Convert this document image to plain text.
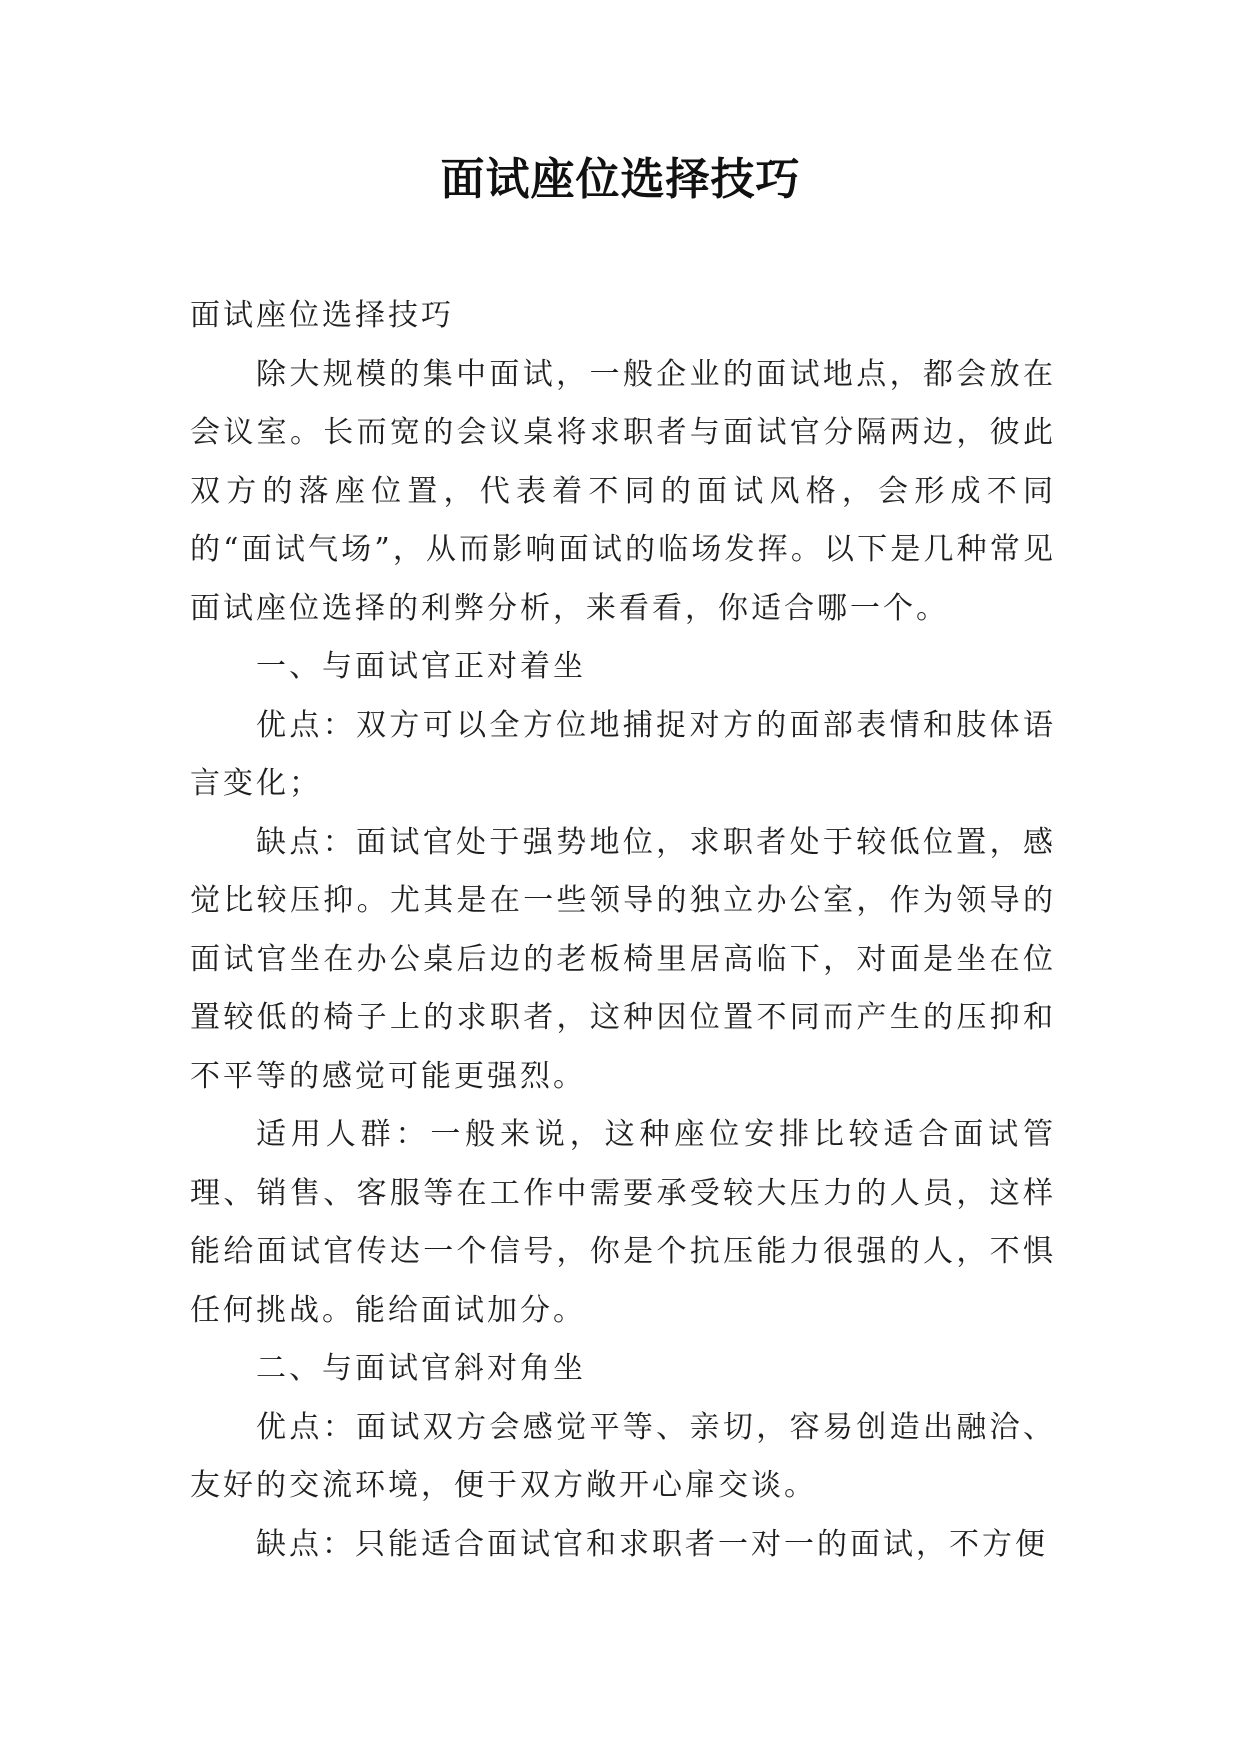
面试座位选择技巧

面试座位选择技巧

除大规模的集中面试，一般企业的面试地点，都会放在会议室。长而宽的会议桌将求职者与面试官分隔两边，彼此双方的落座位置，代表着不同的面试风格，会形成不同的“面试气场”，从而影响面试的临场发挥。以下是几种常见面试座位选择的利弊分析，来看看，你适合哪一个。

一、与面试官正对着坐

优点：双方可以全方位地捕捉对方的面部表情和肢体语言变化；

缺点：面试官处于强势地位，求职者处于较低位置，感觉比较压抑。尤其是在一些领导的独立办公室，作为领导的面试官坐在办公桌后边的老板椅里居高临下，对面是坐在位置较低的椅子上的求职者，这种因位置不同而产生的压抑和不平等的感觉可能更强烈。

适用人群：一般来说，这种座位安排比较适合面试管理、销售、客服等在工作中需要承受较大压力的人员，这样能给面试官传达一个信号，你是个抗压能力很强的人，不惧任何挑战。能给面试加分。

二、与面试官斜对角坐

优点：面试双方会感觉平等、亲切，容易创造出融洽、友好的交流环境，便于双方敞开心扉交谈。

缺点：只能适合面试官和求职者一对一的面试，不方便
